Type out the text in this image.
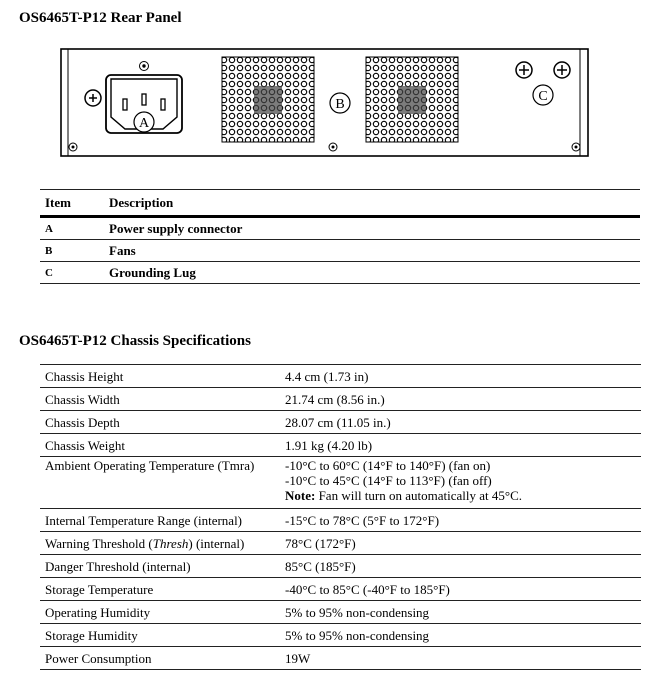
OS6465T-P12 Rear Panel
A
B
C
Item	Description
A	Power supply connector
B	Fans
C	Grounding Lug
OS6465T-P12 Chassis Specifications
Chassis Height	4.4 cm (1.73 in)
Chassis Width	21.74 cm (8.56 in.)
Chassis Depth	28.07 cm (11.05 in.)
Chassis Weight	1.91 kg (4.20 lb)
Ambient Operating Temperature (Tmra)	-10°C to 60°C (14°F to 140°F) (fan on)
-10°C to 45°C (14°F to 113°F) (fan off)
Note: Fan will turn on automatically at 45°C.

Internal Temperature Range (internal)	-15°C to 78°C (5°F to 172°F)
Warning Threshold (Thresh) (internal)	78°C (172°F)
Danger Threshold (internal)	85°C (185°F)
Storage Temperature	-40°C to 85°C (-40°F to 185°F)
Operating Humidity	5% to 95% non-condensing
Storage Humidity	5% to 95% non-condensing
Power Consumption	19W
